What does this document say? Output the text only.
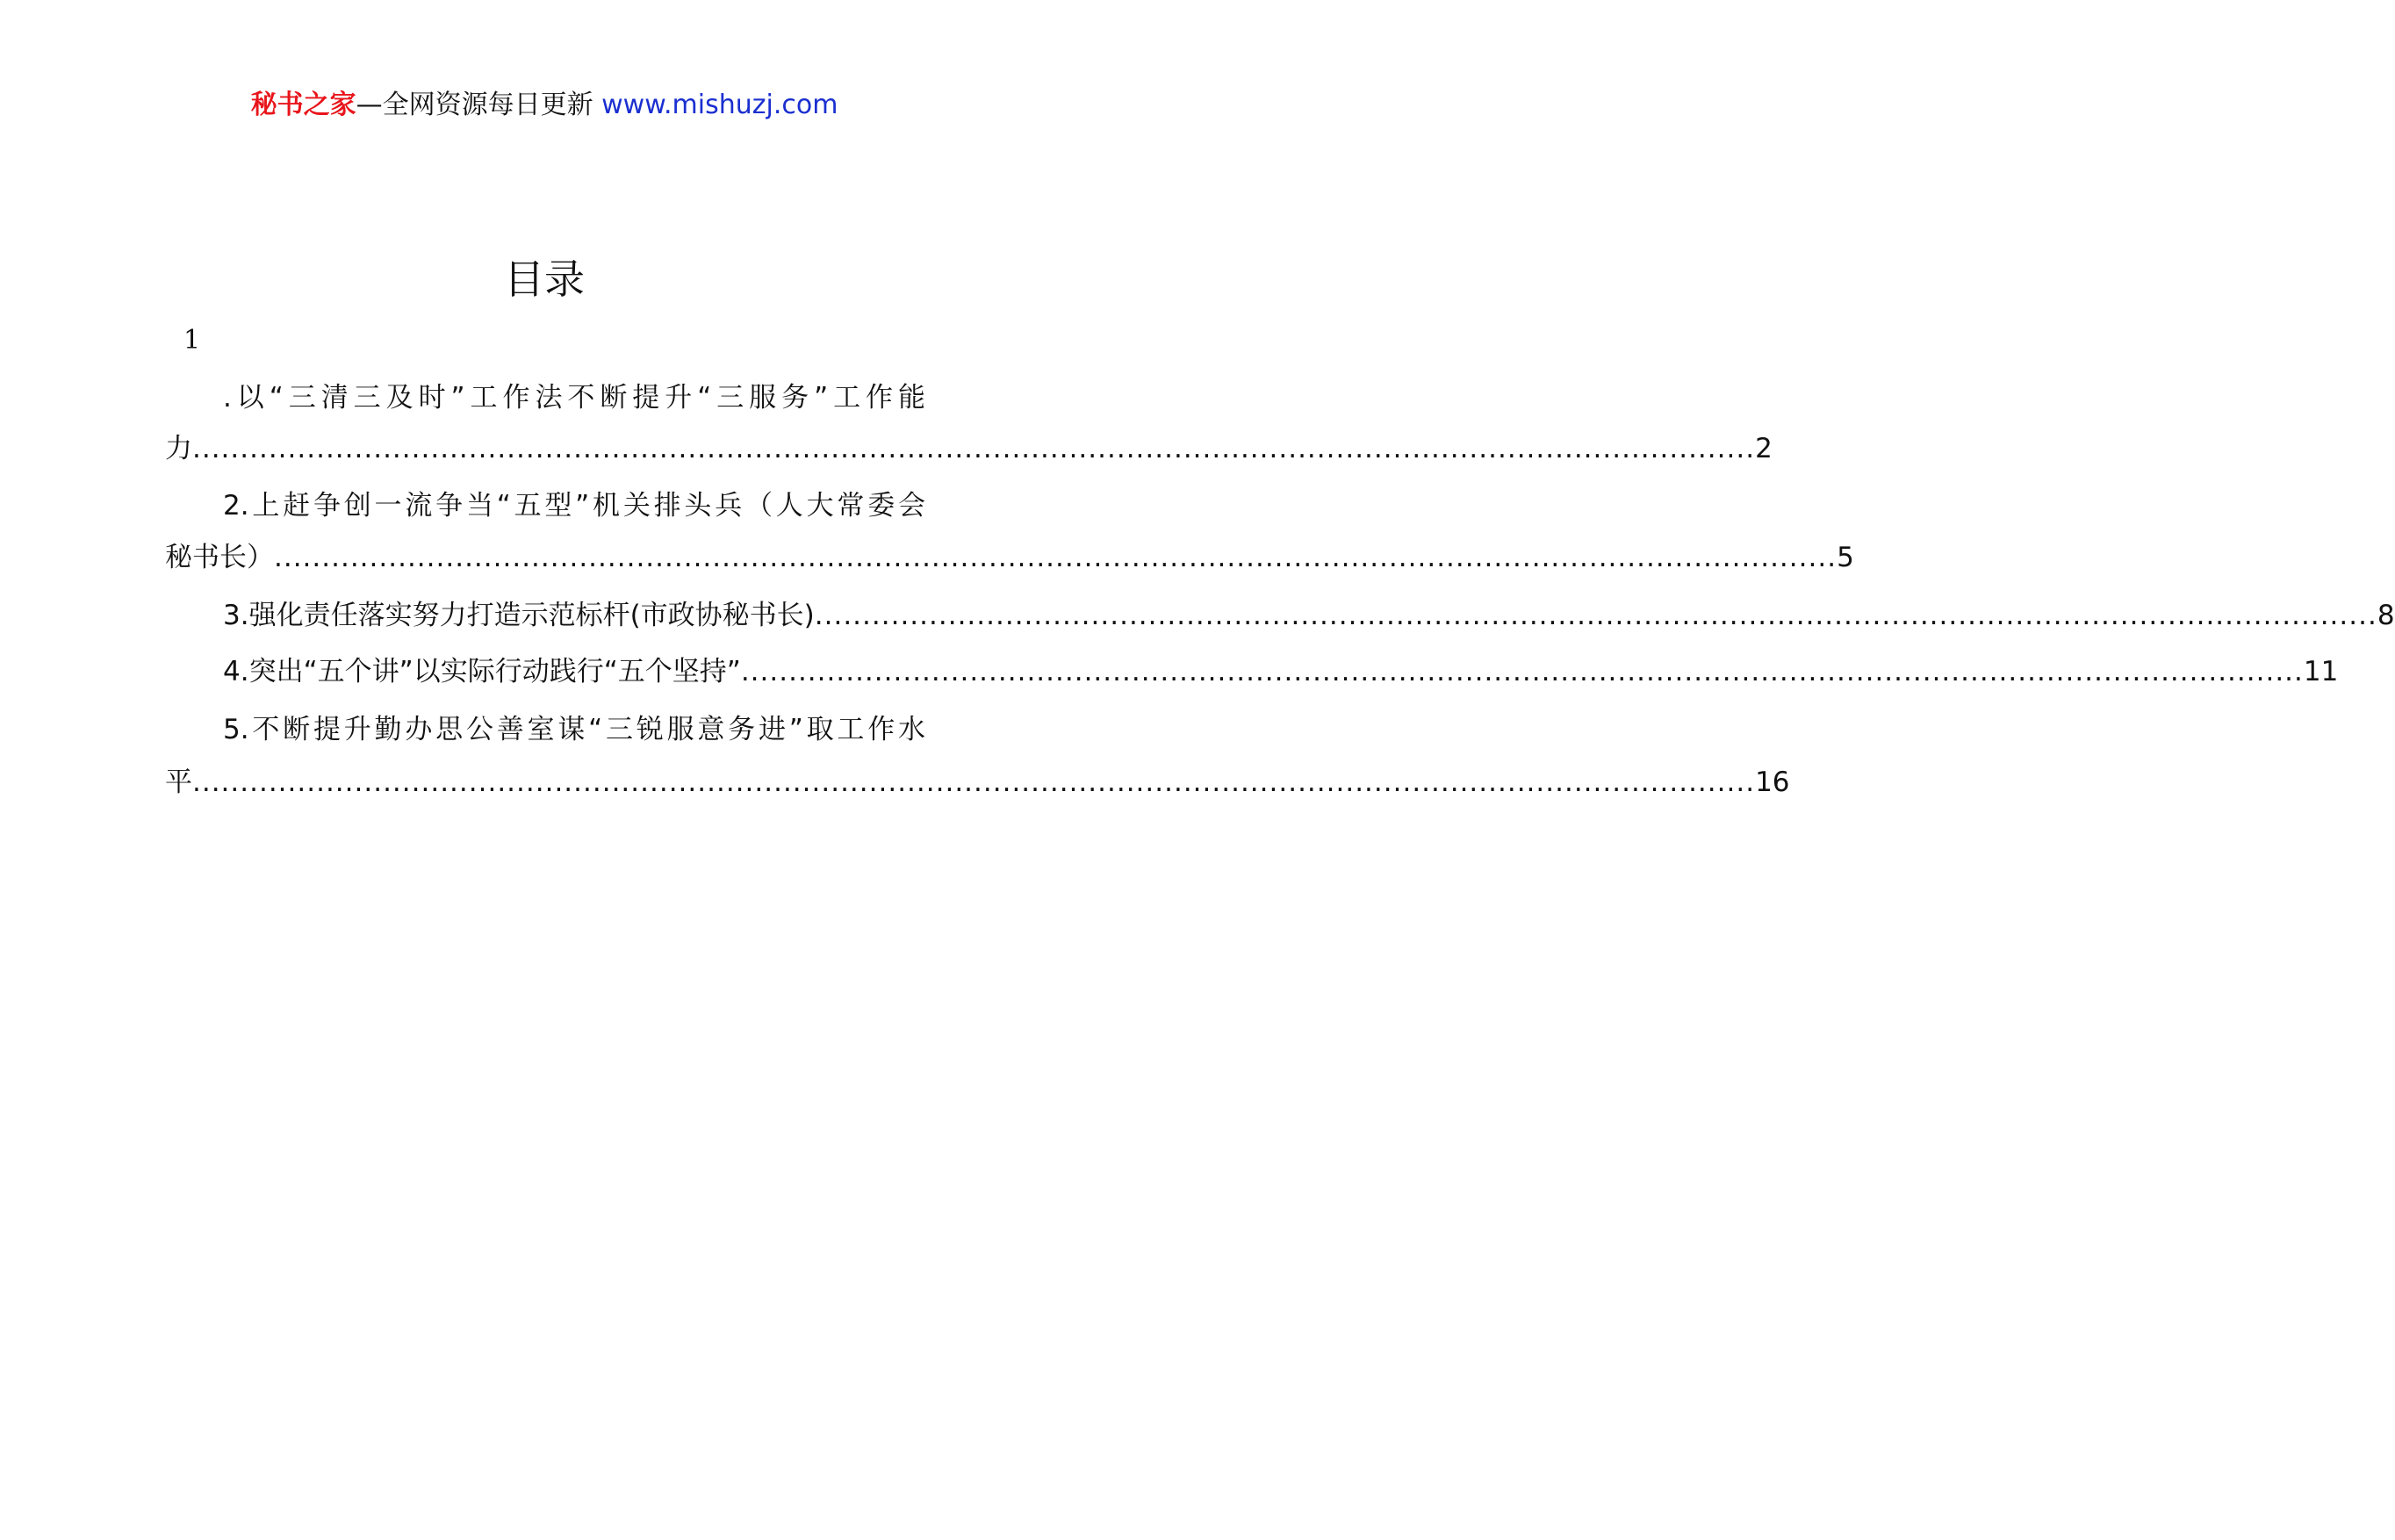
秘书之家—全网资源每日更新 www.mishuzj.com
目录
1
.以“三清三及时”工作法不断提升“三服务”工作能
力 .................................................................................................................................................................... 2
2.上赶争创一流争当“五型”机关排头兵（人大常委会
秘书长） .................................................................................................................................................................... 5
3.强化责任落实努力打造示范标杆(市政协秘书长) .................................................................................................................................................................... 8
4.突出“五个讲”以实际行动践行“五个坚持” .................................................................................................................................................................... 11
5.不断提升勤办思公善室谋“三锐服意务进”取工作水
平 .................................................................................................................................................................... 16
